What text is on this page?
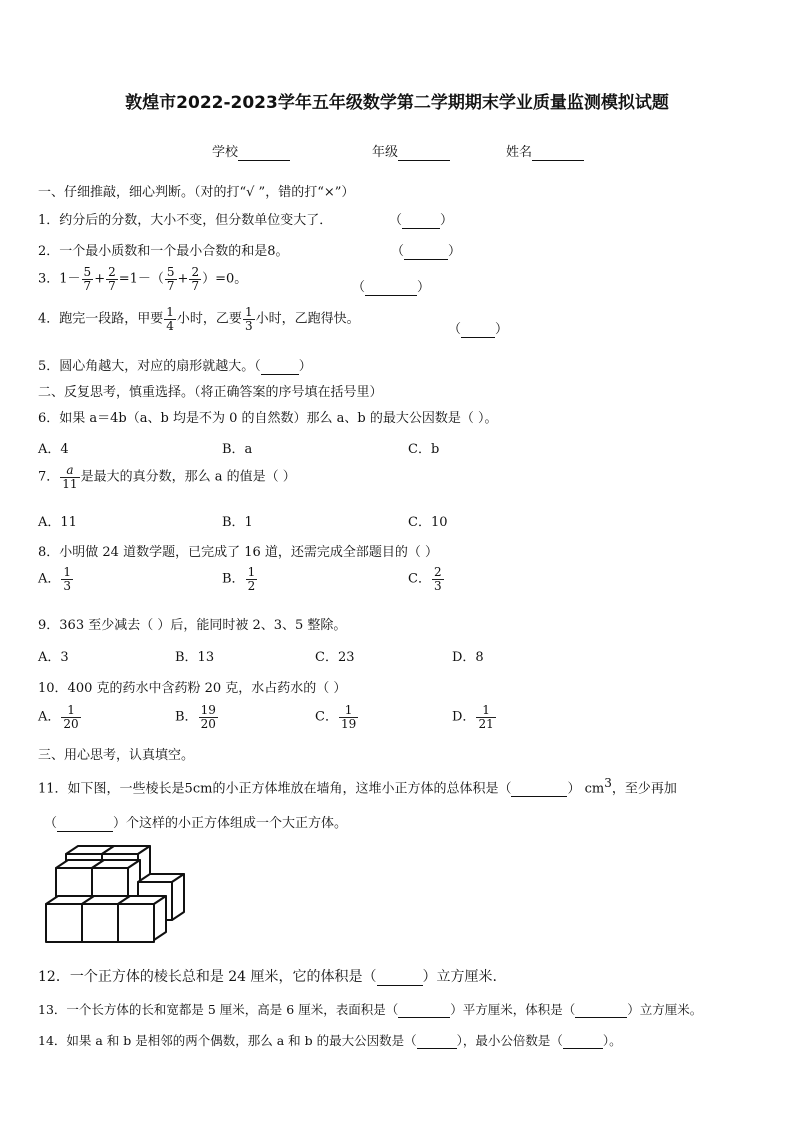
敦煌市2022-2023学年五年级数学第二学期期末学业质量监测模拟试题
学校	年级	姓名
一、仔细推敲，细心判断。（对的打“√ ”，错的打“×”）
1．约分后的分数，大小不变，但分数单位变大了．	（	）
2．一个最小质数和一个最小合数的和是8。	（	）
3．$1- \frac{5}{7} + \frac{2}{7} =1-( \frac{5}{7} + \frac{2}{7} )=0$。
（	）
4．跑完一段路，甲要 $\frac{1}{4}$ 小时，乙要 $\frac{1}{3}$ 小时，乙跑得快。
（	）
5．圆心角越大，对应的扇形就越大。（	）
二、反复思考，慎重选择。（将正确答案的序号填在括号里）
6．如果 a＝4b（a、b 均是不为 0 的自然数）那么 a、b 的最大公因数是（ ）。
A．4	B．a	C．b
7． $\frac{a}{11}$ 是最大的真分数，那么 a 的值是（ ）
A．11	B．1	C．10
8．小明做 24 道数学题，已完成了 16 道，还需完成全部题目的（ ）
A． $\frac{1}{3}$	B． $\frac{1}{2}$	C． $\frac{2}{3}$
9．363 至少减去（ ）后，能同时被 2、3、5 整除。
A．3	B．13	C．23	D．8
10．400 克的药水中含药粉 20 克，水占药水的（ ）
A． $\frac{1}{20}$	B． $\frac{19}{20}$	C． $\frac{1}{19}$	D． $\frac{1}{21}$
三、用心思考，认真填空。
11．如下图，一些棱长是5cm的小正方体堆放在墙角，这堆小正方体的总体积是（	） $cm^3$，至少再加
（	）个这样的小正方体组成一个大正方体。
12．一个正方体的棱长总和是 24 厘米，它的体积是（	）立方厘米.
13．一个长方体的长和宽都是 5 厘米，高是 6 厘米，表面积是（	）平方厘米，体积是（	）立方厘米。
14．如果 a 和 b 是相邻的两个偶数，那么 a 和 b 的最大公因数是（	），最小公倍数是（	）。
